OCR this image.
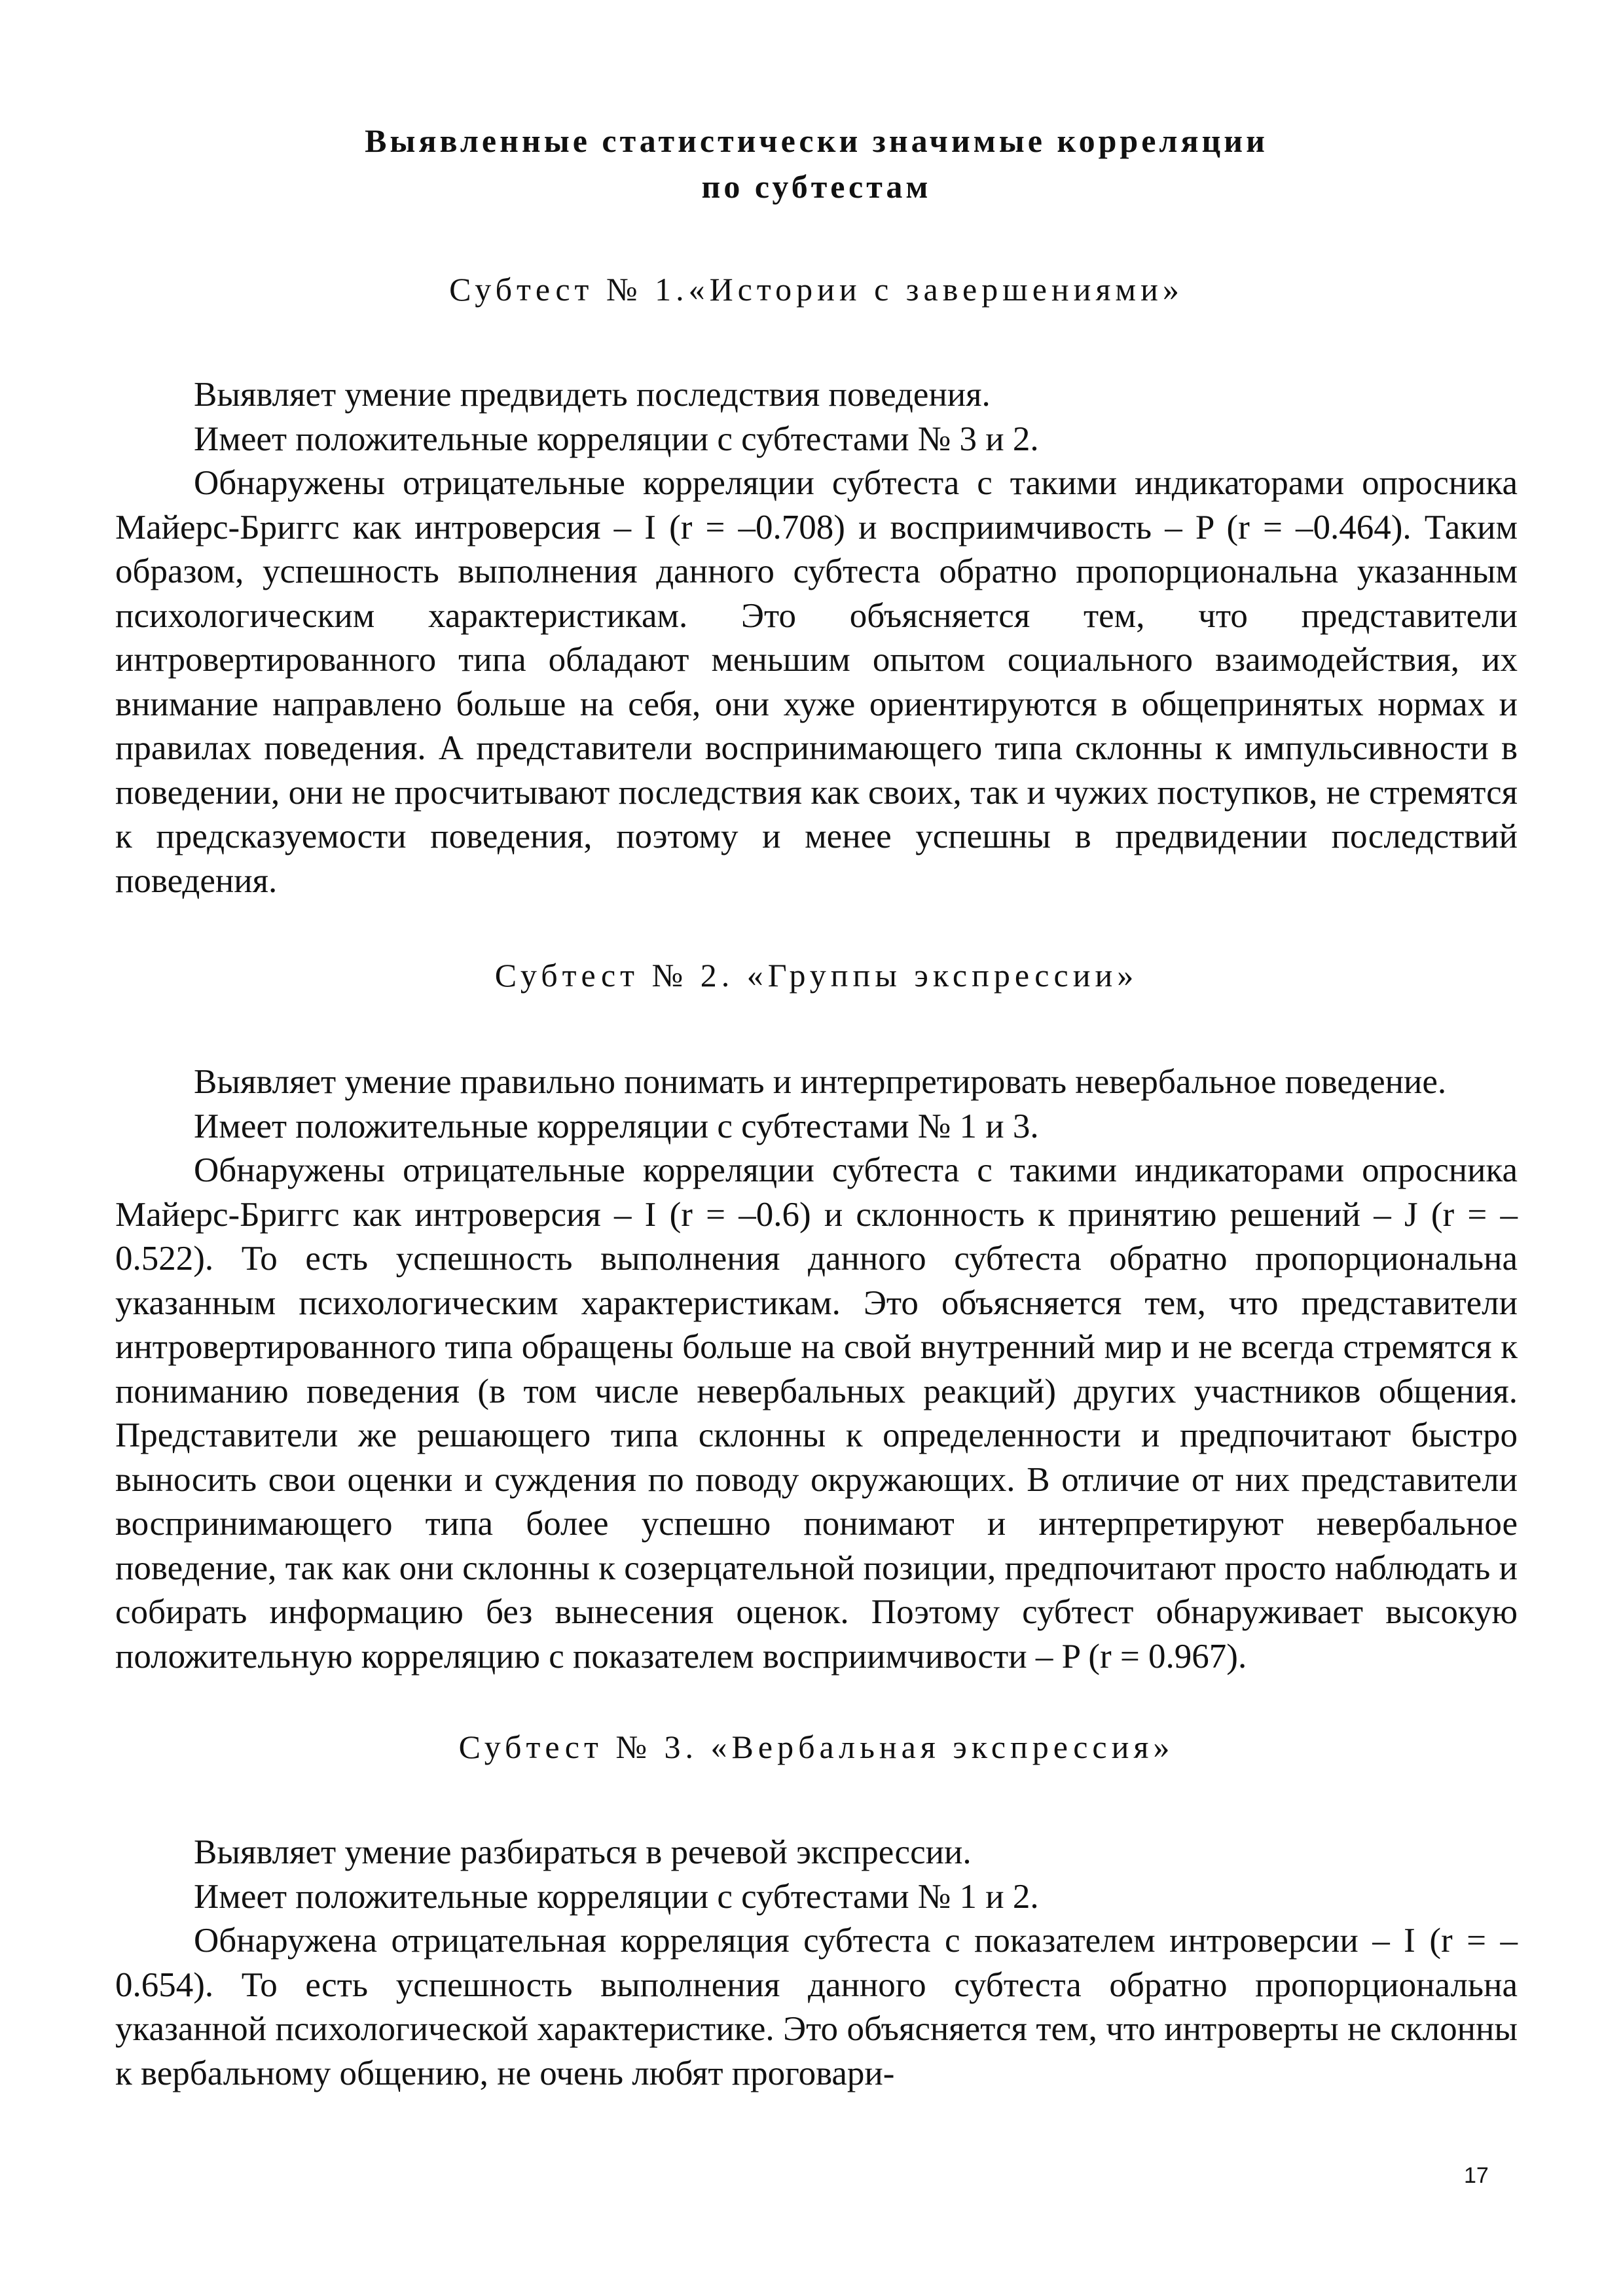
Выявленные статистически значимые корреляции
по субтестам
Субтест № 1.«Истории с завершениями»

Выявляет умение предвидеть последствия поведения.

Имеет положительные корреляции с субтестами № 3 и 2.

Обнаружены отрицательные корреляции субтеста с такими индикаторами опросника Майерс-Бриггс как интроверсия – I (r = –0.708) и восприимчивость – P (r = –0.464). Таким образом, успешность выполнения данного субтеста обратно пропорциональна указанным психологическим характеристикам. Это объясняется тем, что представители интровертированного типа обладают меньшим опытом социального взаимодействия, их внимание направлено больше на себя, они хуже ориентируются в общепринятых нормах и правилах поведения. А представители воспринимающего типа склонны к импульсивности в поведении, они не просчитывают последствия как своих, так и чужих поступков, не стремятся к предсказуемости поведения, поэтому и менее успешны в предвидении последствий поведения.

Субтест № 2. «Группы экспрессии»

Выявляет умение правильно понимать и интерпретировать невербальное поведение.

Имеет положительные корреляции с субтестами № 1 и 3.

Обнаружены отрицательные корреляции субтеста с такими индикаторами опросника Майерс-Бриггс как интроверсия – I (r = –0.6) и склонность к принятию решений – J (r = –0.522). То есть успешность выполнения данного субтеста обратно пропорциональна указанным психологическим характеристикам. Это объясняется тем, что представители интровертированного типа обращены больше на свой внутренний мир и не всегда стремятся к пониманию поведения (в том числе невербальных реакций) других участников общения. Представители же решающего типа склонны к определенности и предпочитают быстро выносить свои оценки и суждения по поводу окружающих. В отличие от них представители воспринимающего типа более успешно понимают и интерпретируют невербальное поведение, так как они склонны к созерцательной позиции, предпочитают просто наблюдать и собирать информацию без вынесения оценок. Поэтому субтест обнаруживает высокую положительную корреляцию с показателем восприимчивости – P (r = 0.967).

Субтест № 3. «Вербальная экспрессия»

Выявляет умение разбираться в речевой экспрессии.

Имеет положительные корреляции с субтестами № 1 и 2.

Обнаружена отрицательная корреляция субтеста с показателем интроверсии – I (r = –0.654). То есть успешность выполнения данного субтеста обратно пропорциональна указанной психологической характеристике. Это объясняется тем, что интроверты не склонны к вербальному общению, не очень любят проговари-

17
